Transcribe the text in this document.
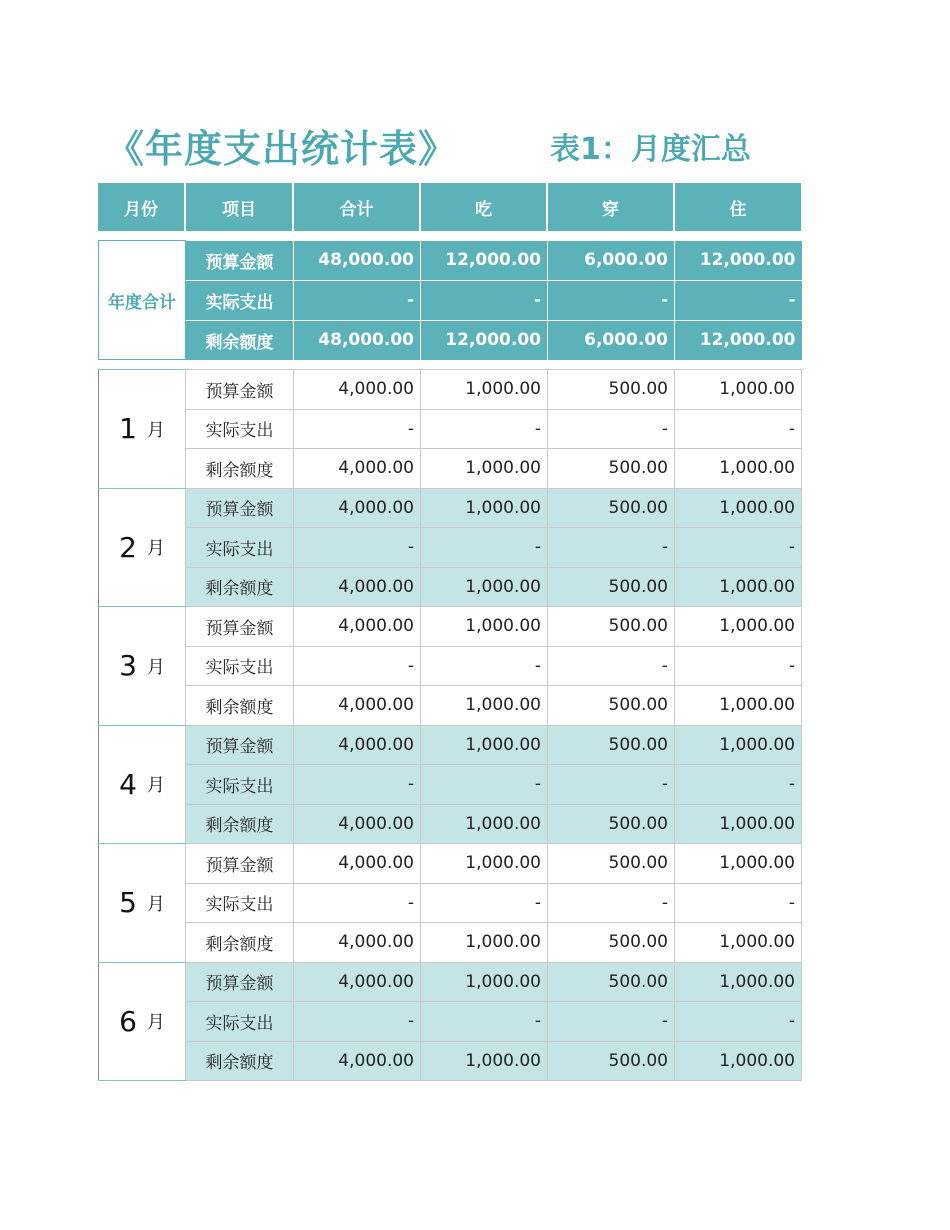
《年度支出统计表》	表1：月度汇总
月份	项目	合计	吃	穿	住
年度合计	预算金额	48,000.00	12,000.00	6,000.00	12,000.00
	实际支出	-	-	-	-
	剩余额度	48,000.00	12,000.00	6,000.00	12,000.00
1 月	预算金额	4,000.00	1,000.00	500.00	1,000.00
	实际支出	-	-	-	-
	剩余额度	4,000.00	1,000.00	500.00	1,000.00
2 月	预算金额	4,000.00	1,000.00	500.00	1,000.00
	实际支出	-	-	-	-
	剩余额度	4,000.00	1,000.00	500.00	1,000.00
3 月	预算金额	4,000.00	1,000.00	500.00	1,000.00
	实际支出	-	-	-	-
	剩余额度	4,000.00	1,000.00	500.00	1,000.00
4 月	预算金额	4,000.00	1,000.00	500.00	1,000.00
	实际支出	-	-	-	-
	剩余额度	4,000.00	1,000.00	500.00	1,000.00
5 月	预算金额	4,000.00	1,000.00	500.00	1,000.00
	实际支出	-	-	-	-
	剩余额度	4,000.00	1,000.00	500.00	1,000.00
6 月	预算金额	4,000.00	1,000.00	500.00	1,000.00
	实际支出	-	-	-	-
	剩余额度	4,000.00	1,000.00	500.00	1,000.00
